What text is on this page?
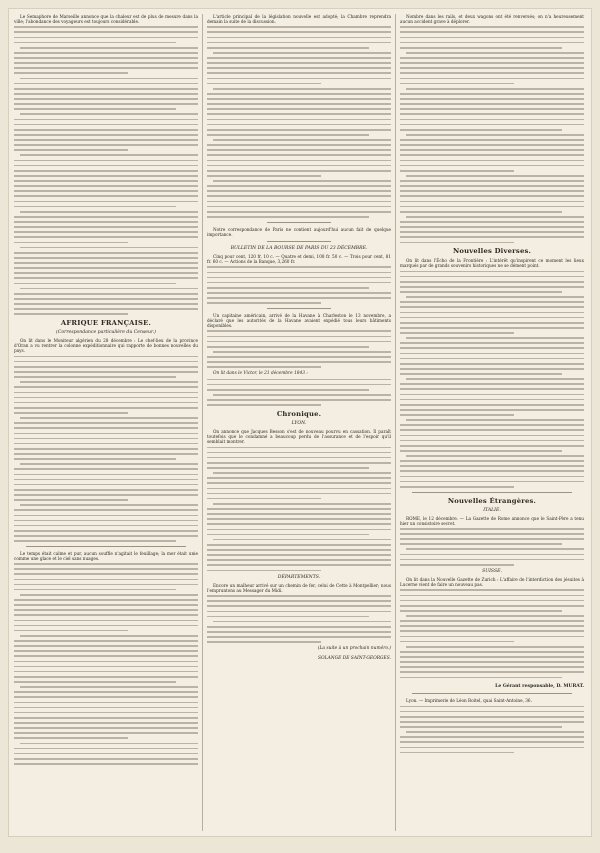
Le Semaphore de Marseille annonce que la chaleur est de plus de mesure dans la ville; l'abondance des voyageurs est toujours considérable.

AFRIQUE FRANÇAISE.
(Correspondance particulière du Censeur.)

On lit dans le Moniteur algérien du 28 décembre : Le chef-lieu de la province d'Oran a vu rentrer la colonne expéditionnaire qui rapporte de bonnes nouvelles du pays.

Le temps était calme et pur, aucun souffle n'agitait le feuillage; la mer était unie comme une glace et le ciel sans nuages.

L'article principal de la législation nouvelle est adopté; la Chambre reprendra demain la suite de la discussion.

Notre correspondance de Paris ne contient aujourd'hui aucun fait de quelque importance.

BULLETIN DE LA BOURSE DE PARIS DU 23 DÉCEMBRE.

Cinq pour cent, 120 fr. 10 c. — Quatre et demi, 108 fr. 50 c. — Trois pour cent, 81 fr. 60 c. — Actions de la Banque, 3,260 fr.

Un capitaine américain, arrivé de la Havane à Charleston le 13 novembre, a déclaré que les autorités de la Havane avaient expédié tous leurs bâtiments disponibles.

On lit dans le Victor, le 21 décembre 1843 :

Chronique.
LYON.

On annonce que Jacques Besson s'est de nouveau pourvu en cassation. Il paraît toutefois que le condamné a beaucoup perdu de l'assurance et de l'espoir qu'il semblait montrer.

DÉPARTEMENTS.

Encore un malheur arrivé sur un chemin de fer, celui de Cette à Montpellier; nous l'empruntons au Messager du Midi.

(La suite à un prochain numéro.)
SOLANGE DE SAINT-GEORGES.

Nombre dans les rails, et deux wagons ont été renversés; on n'a heureusement aucun accident grave à déplorer.

Nouvelles Diverses.

On lit dans l'Écho de la Frontière : L'intérêt qu'inspirent ce moment les lieux marqués par de grands souvenirs historiques ne se dément point.

Nouvelles Étrangères.
ITALIE.

ROME, le 12 décembre. — La Gazette de Rome annonce que le Saint-Père a tenu hier un consistoire secret.

SUISSE.

On lit dans la Nouvelle Gazette de Zurich : L'affaire de l'interdiction des jésuites à Lucerne vient de faire un nouveau pas.

Le Gérant responsable, D. MURAT.

Lyon. — Imprimerie de Léon Boitel, quai Saint-Antoine, 36.
